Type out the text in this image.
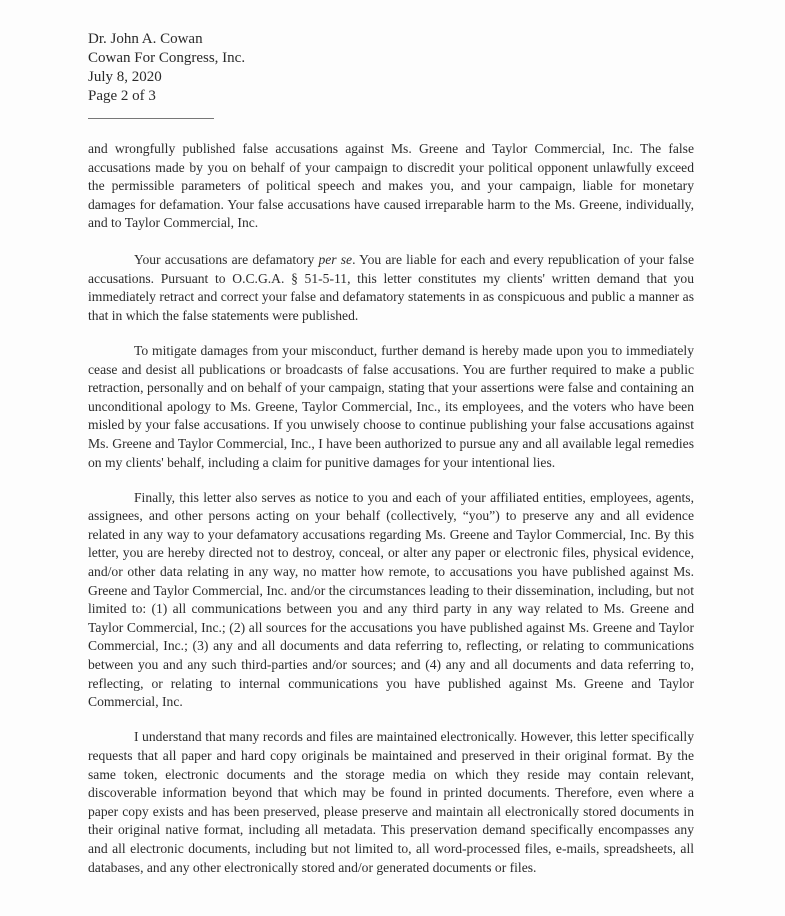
Dr. John A. Cowan
Cowan For Congress, Inc.
July 8, 2020
Page 2 of 3

and wrongfully published false accusations against Ms. Greene and Taylor Commercial, Inc. The false accusations made by you on behalf of your campaign to discredit your political opponent unlawfully exceed the permissible parameters of political speech and makes you, and your campaign, liable for monetary damages for defamation. Your false accusations have caused irreparable harm to the Ms. Greene, individually, and to Taylor Commercial, Inc.

Your accusations are defamatory per se. You are liable for each and every republication of your false accusations. Pursuant to O.C.G.A. § 51-5-11, this letter constitutes my clients' written demand that you immediately retract and correct your false and defamatory statements in as conspicuous and public a manner as that in which the false statements were published.

To mitigate damages from your misconduct, further demand is hereby made upon you to immediately cease and desist all publications or broadcasts of false accusations. You are further required to make a public retraction, personally and on behalf of your campaign, stating that your assertions were false and containing an unconditional apology to Ms. Greene, Taylor Commercial, Inc., its employees, and the voters who have been misled by your false accusations. If you unwisely choose to continue publishing your false accusations against Ms. Greene and Taylor Commercial, Inc., I have been authorized to pursue any and all available legal remedies on my clients' behalf, including a claim for punitive damages for your intentional lies.

Finally, this letter also serves as notice to you and each of your affiliated entities, employees, agents, assignees, and other persons acting on your behalf (collectively, “you”) to preserve any and all evidence related in any way to your defamatory accusations regarding Ms. Greene and Taylor Commercial, Inc. By this letter, you are hereby directed not to destroy, conceal, or alter any paper or electronic files, physical evidence, and/or other data relating in any way, no matter how remote, to accusations you have published against Ms. Greene and Taylor Commercial, Inc. and/or the circumstances leading to their dissemination, including, but not limited to: (1) all communications between you and any third party in any way related to Ms. Greene and Taylor Commercial, Inc.; (2) all sources for the accusations you have published against Ms. Greene and Taylor Commercial, Inc.; (3) any and all documents and data referring to, reflecting, or relating to communications between you and any such third-parties and/or sources; and (4) any and all documents and data referring to, reflecting, or relating to internal communications you have published against Ms. Greene and Taylor Commercial, Inc.

I understand that many records and files are maintained electronically. However, this letter specifically requests that all paper and hard copy originals be maintained and preserved in their original format. By the same token, electronic documents and the storage media on which they reside may contain relevant, discoverable information beyond that which may be found in printed documents. Therefore, even where a paper copy exists and has been preserved, please preserve and maintain all electronically stored documents in their original native format, including all metadata. This preservation demand specifically encompasses any and all electronic documents, including but not limited to, all word-processed files, e-mails, spreadsheets, all databases, and any other electronically stored and/or generated documents or files.
